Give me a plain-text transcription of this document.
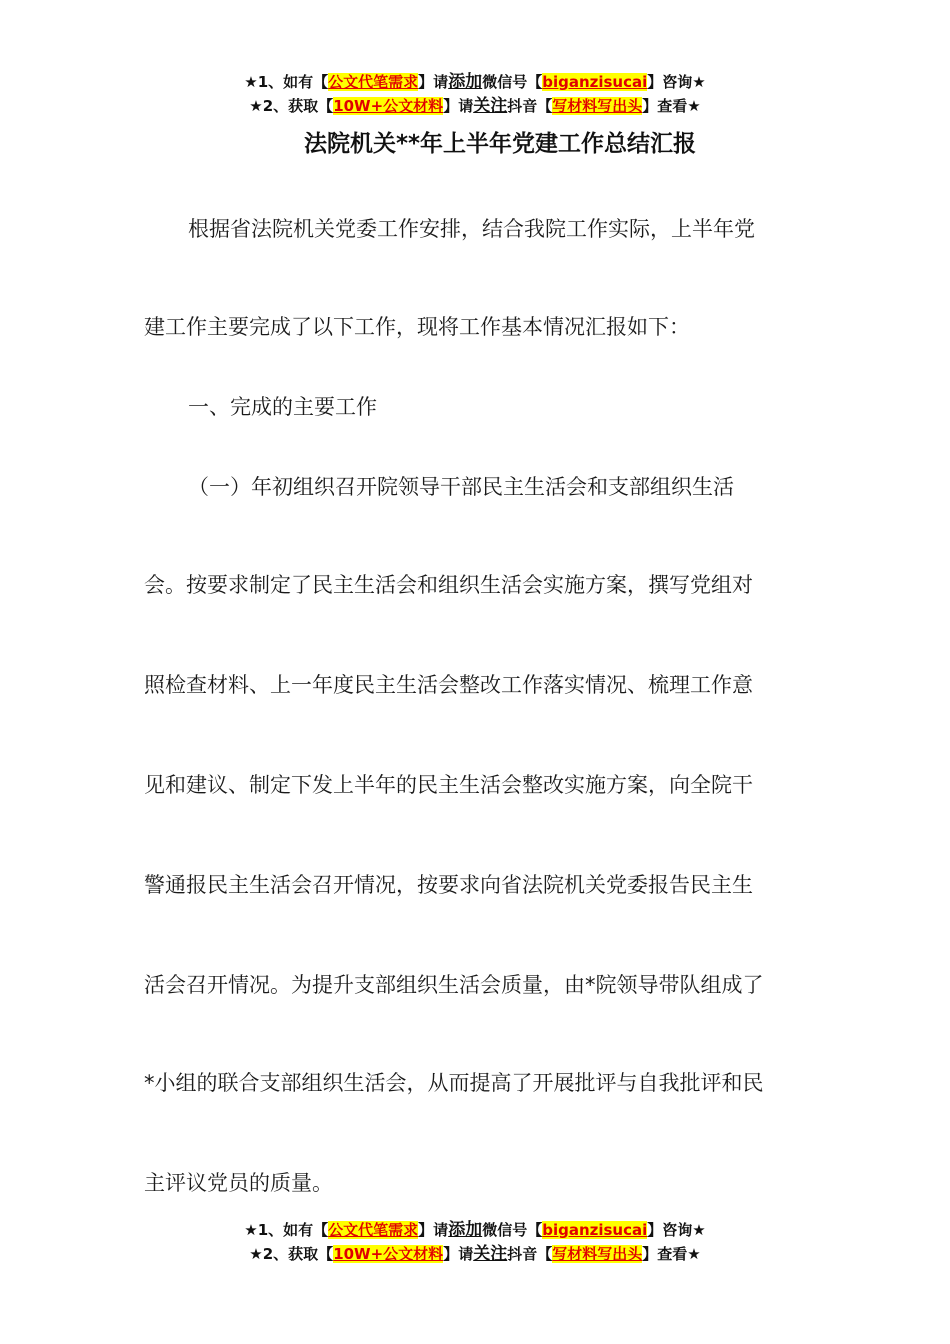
★1、如有【公文代笔需求】请添加微信号【biganzisucai】咨询★
★2、获取【10W+公文材料】请关注抖音【写材料写出头】查看★
法院机关**年上半年党建工作总结汇报
根据省法院机关党委工作安排，结合我院工作实际，上半年党
建工作主要完成了以下工作，现将工作基本情况汇报如下：
一、完成的主要工作
（一）年初组织召开院领导干部民主生活会和支部组织生活
会。按要求制定了民主生活会和组织生活会实施方案，撰写党组对
照检查材料、上一年度民主生活会整改工作落实情况、梳理工作意
见和建议、制定下发上半年的民主生活会整改实施方案，向全院干
警通报民主生活会召开情况，按要求向省法院机关党委报告民主生
活会召开情况。为提升支部组织生活会质量，由*院领导带队组成了
*小组的联合支部组织生活会，从而提高了开展批评与自我批评和民
主评议党员的质量。
★1、如有【公文代笔需求】请添加微信号【biganzisucai】咨询★
★2、获取【10W+公文材料】请关注抖音【写材料写出头】查看★
